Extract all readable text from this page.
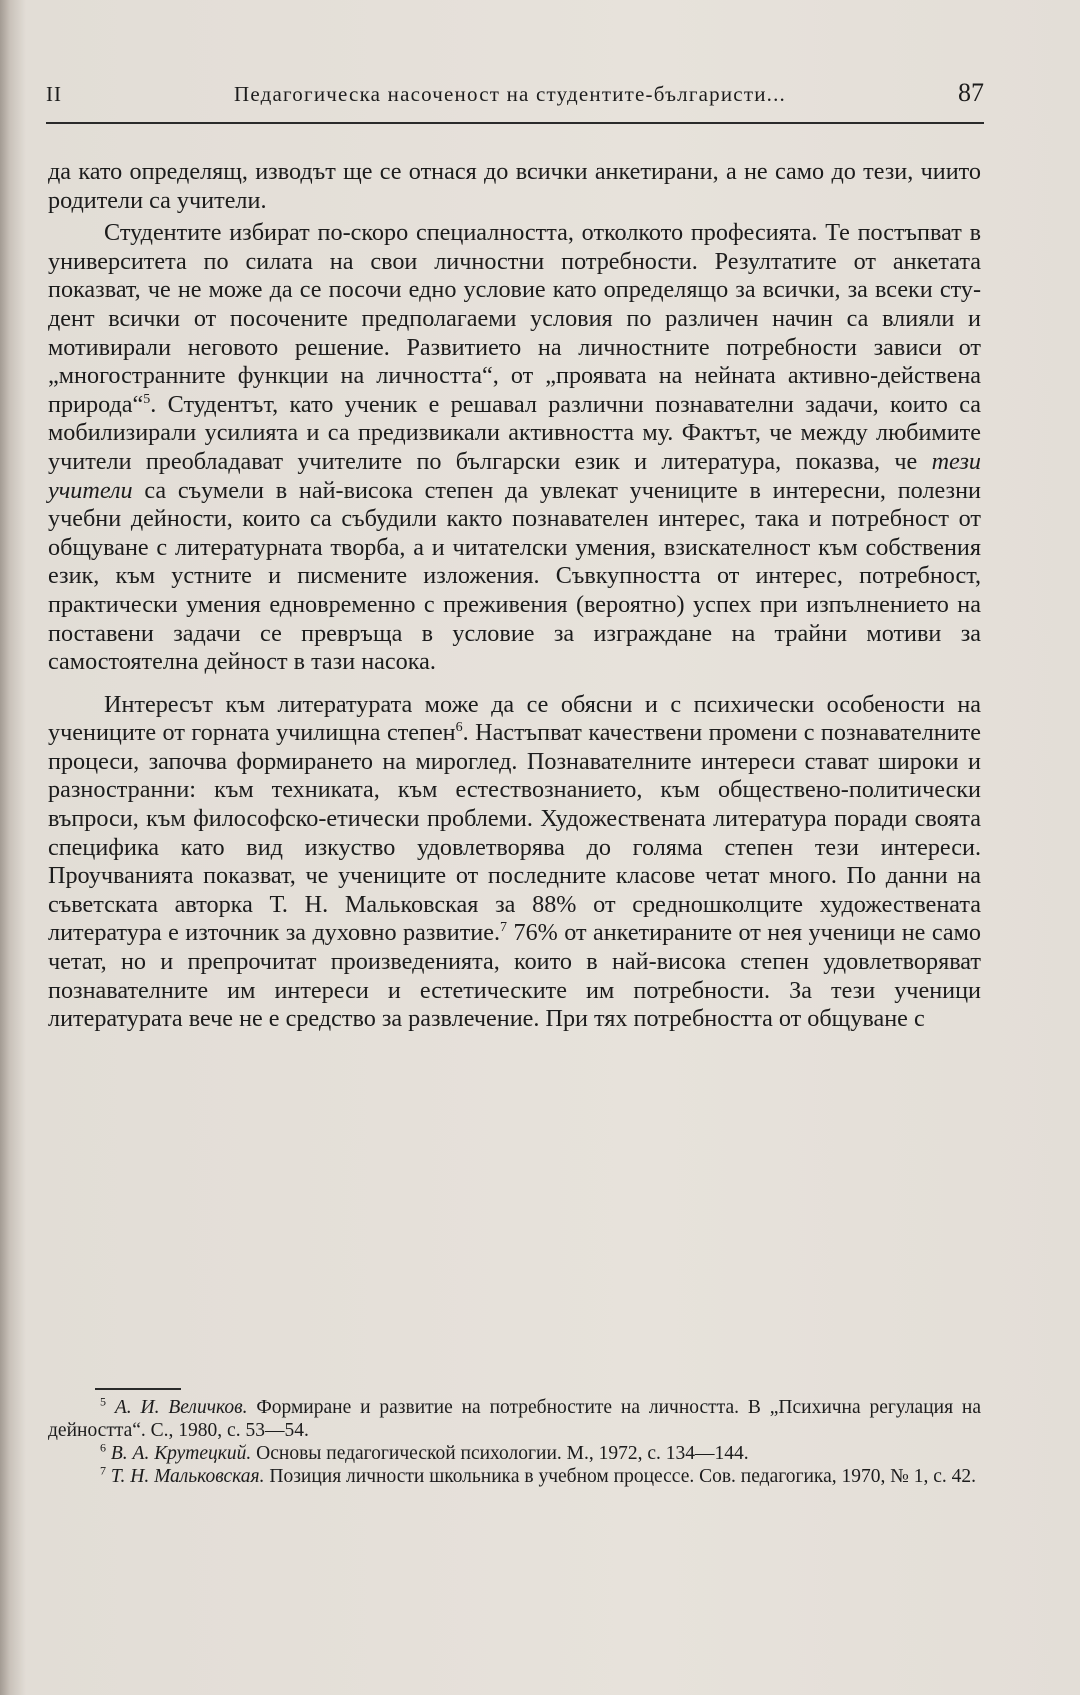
II	Педагогическа насоченост на студентите-българисти...	87

да като определящ, изводът ще се отнася до всички анкетирани, а не само до тези, чиито родители са учители.

Студентите избират по-скоро специалността, отколкото професията. Те постъпват в университета по силата на свои личностни потребности. Резултатите от анкетата показват, че не може да се посочи едно условие като определящо за всички, за всеки студент всички от посочените предполагаеми условия по различен начин са влияли и мотивирали неговото решение. Развитието на личностните потребности зависи от „многостранните функции на личността“, от „проявата на нейната активно-действена природа“$^5$. Студентът, като ученик е решавал различни познавателни задачи, които са мобилизирали усилията и са предизвикали активността му. Фактът, че между любимите учители преобладават учителите по български език и литература, показва, че тези учители са съумели в най-висока степен да увлекат учениците в интересни, полезни учебни дейности, които са събудили както познавателен интерес, така и потребност от общуване с литературната творба, а и читателски умения, взискателност към собствения език, към устните и писмените изложения. Съвкупността от интерес, потребност, практически умения едновременно с преживения (вероятно) успех при изпълнението на поставени задачи се превръща в условие за изграждане на трайни мотиви за самостоятелна дейност в тази насока.

Интересът към литературата може да се обясни и с психически особености на учениците от горната училищна степен$^6$. Настъпват качествени промени с познавателните процеси, започва формирането на мироглед. Познавателните интереси стават широки и разностранни: към техниката, към естествознанието, към обществено-политически въпроси, към философско-етически проблеми. Художествената литература поради своята специфика като вид изкуство удовлетворява до голяма степен тези интереси. Проучванията показват, че учениците от последните класове четат много. По данни на съветската авторка Т. Н. Мальковская за 88% от средношколците художествената литература е източник за духовно развитие.$^7$ 76% от анкетираните от нея ученици не само четат, но и препрочитат произведенията, които в най-висока степен удовлетворяват познавателните им интереси и естетическите им потребности. За тези ученици литературата вече не е средство за развлечение. При тях потребността от общуване с

$^5$ А. И. Величков. Формиране и развитие на потребностите на личността. В „Психична регулация на дейността“. С., 1980, с. 53—54.

$^6$ В. А. Крутецкий. Основы педагогической психологии. М., 1972, с. 134—144.

$^7$ Т. Н. Мальковская. Позиция личности школьника в учебном процессе. Сов. педагогика, 1970, № 1, с. 42.
